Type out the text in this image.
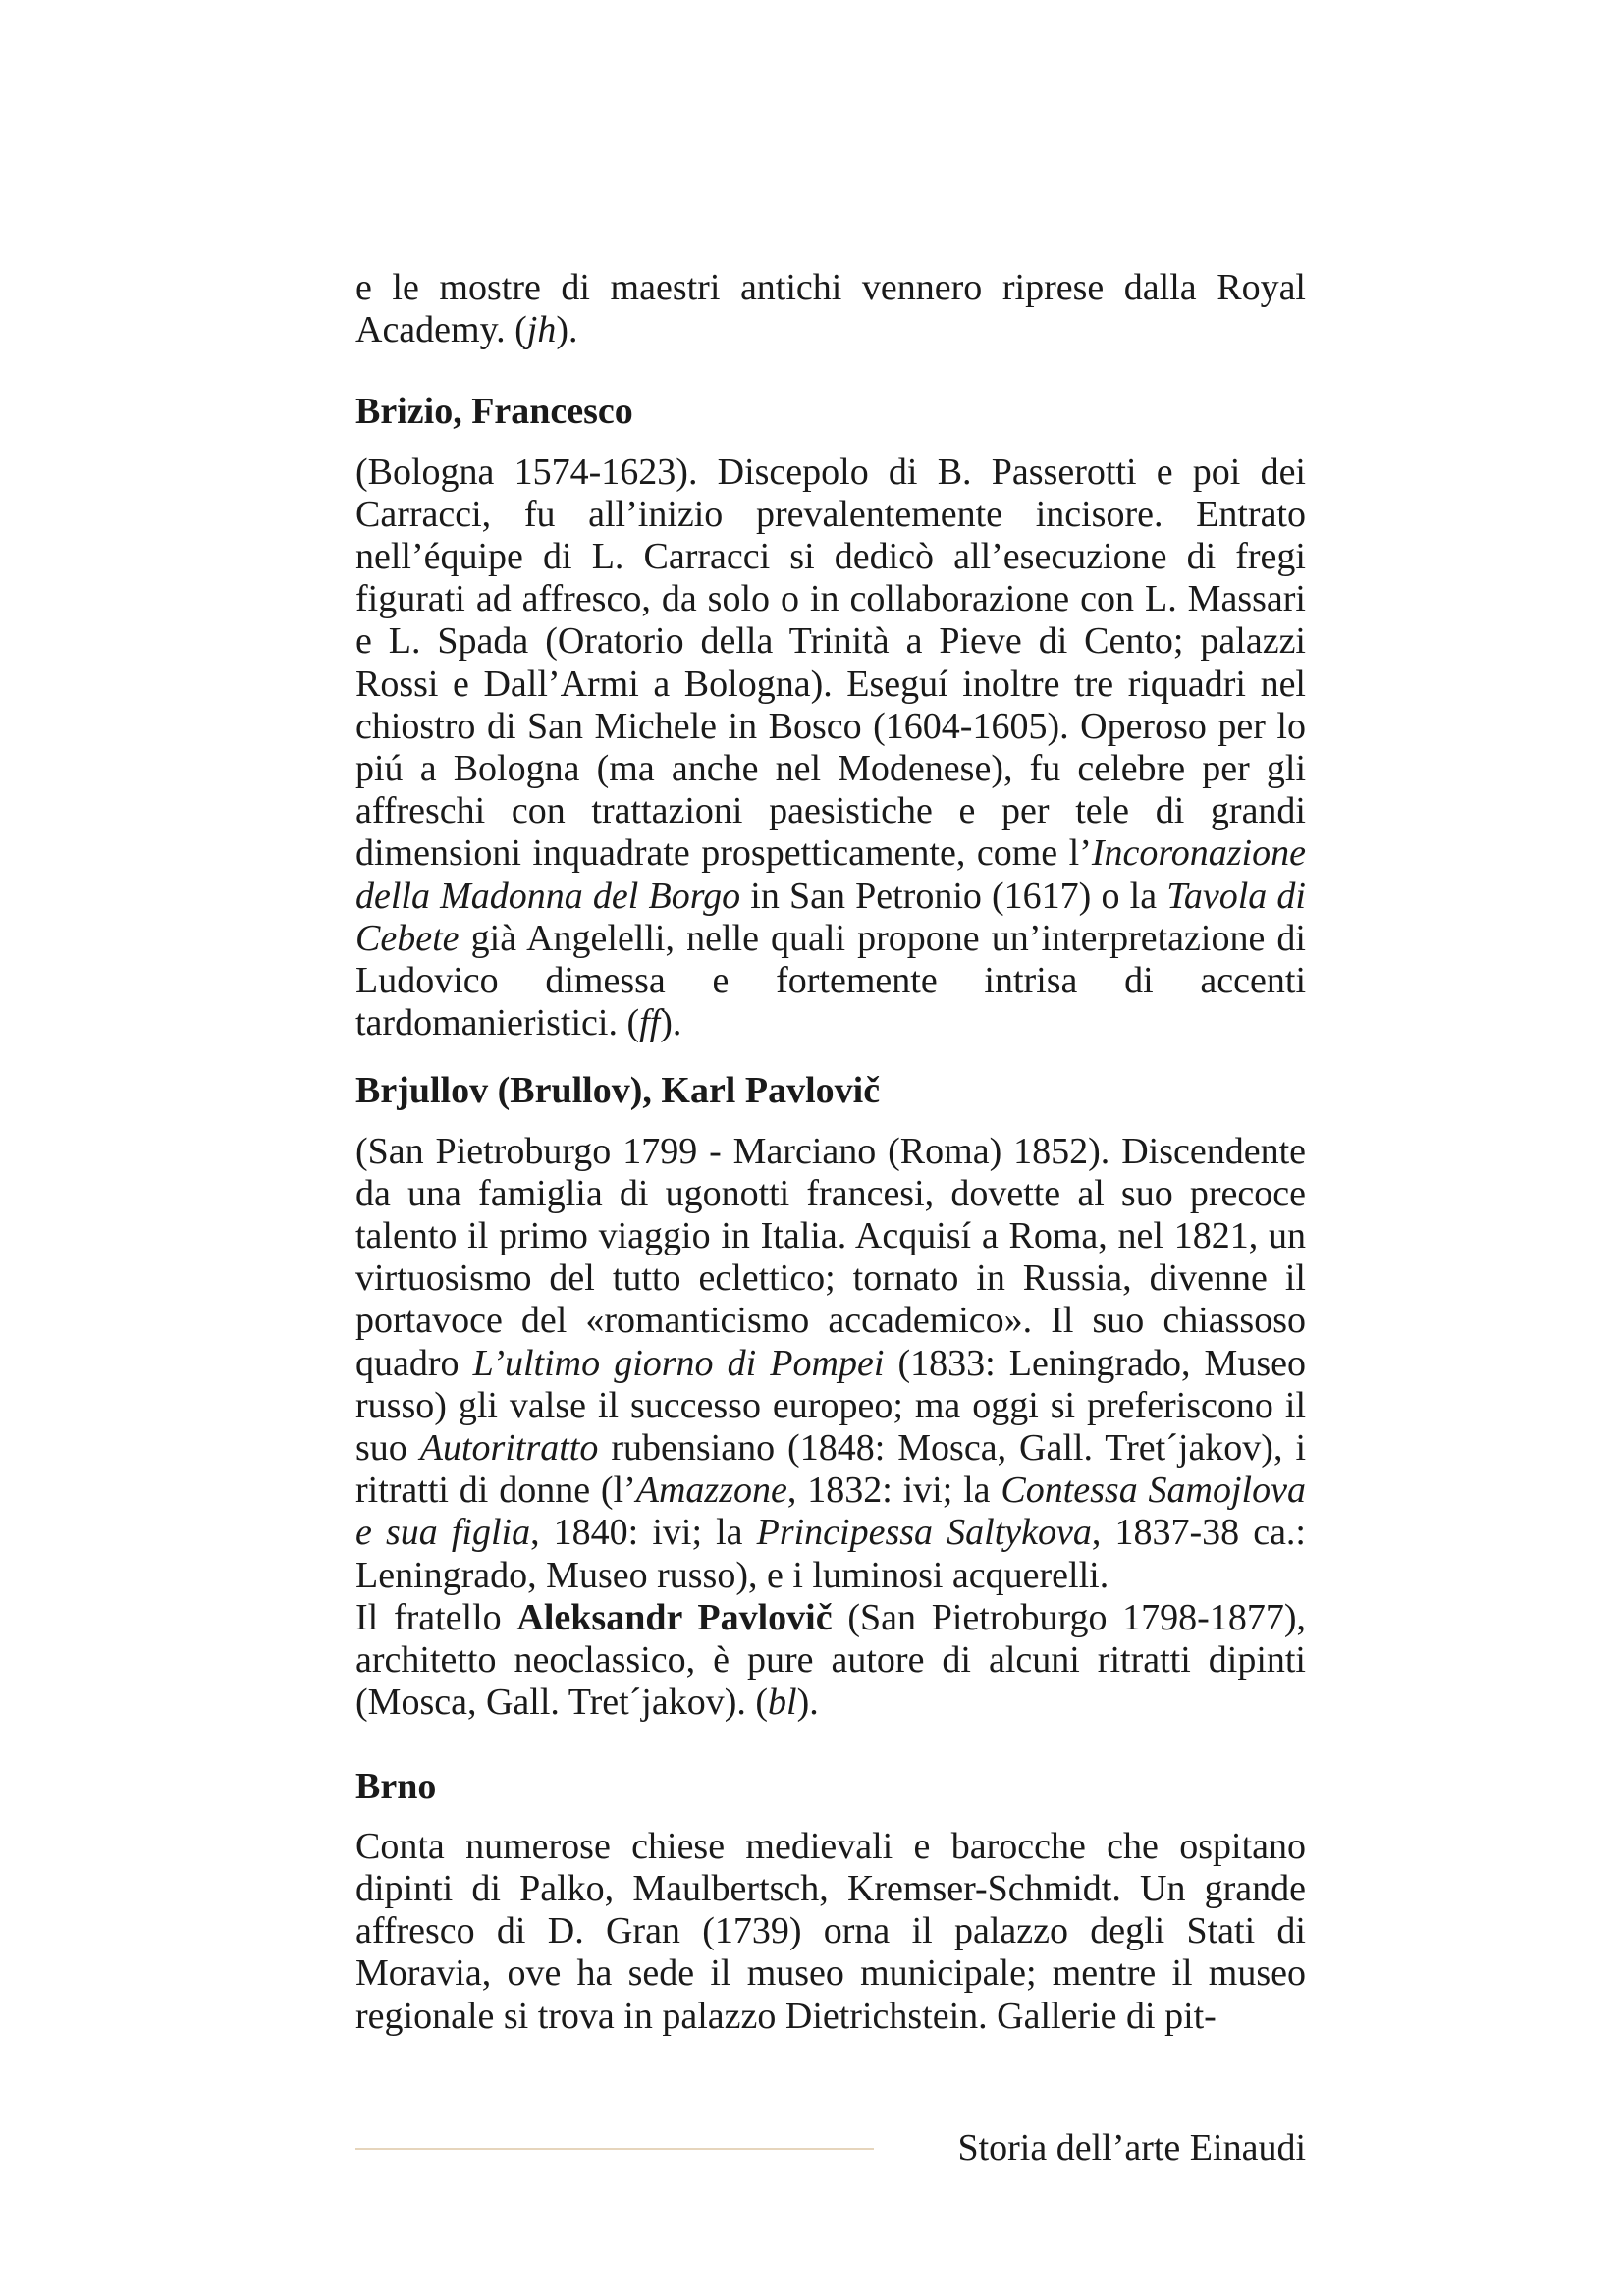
e le mostre di maestri antichi vennero riprese dalla Royal Academy. (jh).

Brizio, Francesco

(Bologna 1574-1623). Discepolo di B. Passerotti e poi dei Carracci, fu all’inizio prevalentemente incisore. Entrato nell’équipe di L. Carracci si dedicò all’esecuzione di fregi figurati ad affresco, da solo o in collaborazione con L. Massari e L. Spada (Oratorio della Trinità a Pieve di Cento; palazzi Rossi e Dall’Armi a Bologna). Eseguí inoltre tre riquadri nel chiostro di San Michele in Bosco (1604-1605). Operoso per lo piú a Bologna (ma anche nel Modenese), fu celebre per gli affreschi con trattazioni paesistiche e per tele di grandi dimensioni inquadrate prospetticamente, come l’Incoronazione della Madonna del Borgo in San Petronio (1617) o la Tavola di Cebete già Angelelli, nelle quali propone un’interpretazione di Ludovico dimessa e fortemente intrisa di accenti tardomanieristici. (ff).

Brjullov (Brullov), Karl Pavlovič

(San Pietroburgo 1799 - Marciano (Roma) 1852). Discendente da una famiglia di ugonotti francesi, dovette al suo precoce talento il primo viaggio in Italia. Acquisí a Roma, nel 1821, un virtuosismo del tutto eclettico; tornato in Russia, divenne il portavoce del «romanticismo accademico». Il suo chiassoso quadro L’ultimo giorno di Pompei (1833: Leningrado, Museo russo) gli valse il successo europeo; ma oggi si preferiscono il suo Autoritratto rubensiano (1848: Mosca, Gall. Tret´jakov), i ritratti di donne (l’Amazzone, 1832: ivi; la Contessa Samojlova e sua figlia, 1840: ivi; la Principessa Saltykova, 1837-38 ca.: Leningrado, Museo russo), e i luminosi acquerelli.

Il fratello Aleksandr Pavlovič (San Pietroburgo 1798-1877), architetto neoclassico, è pure autore di alcuni ritratti dipinti (Mosca, Gall. Tret´jakov). (bl).

Brno

Conta numerose chiese medievali e barocche che ospitano dipinti di Palko, Maulbertsch, Kremser-Schmidt. Un grande affresco di D. Gran (1739) orna il palazzo degli Stati di Moravia, ove ha sede il museo municipale; mentre il museo regionale si trova in palazzo Dietrichstein. Gallerie di pit-

Storia dell’arte Einaudi
